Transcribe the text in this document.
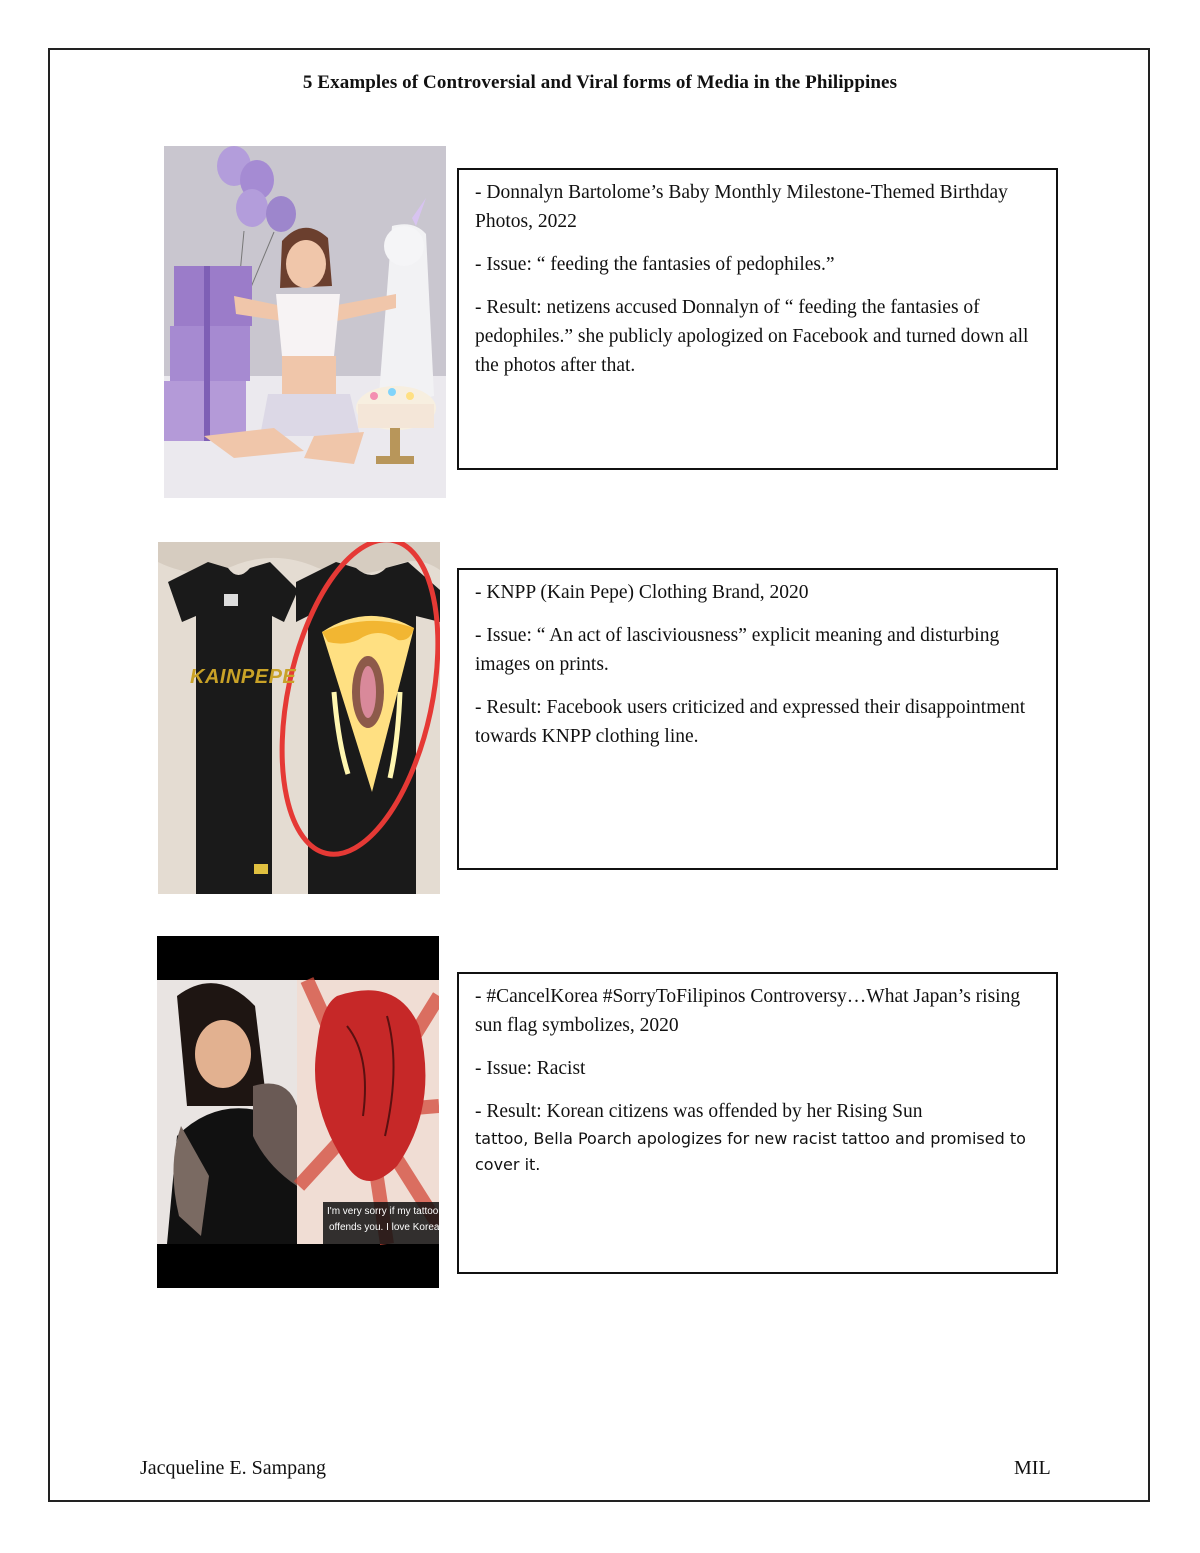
5 Examples of Controversial and Viral forms of Media in the Philippines

- Donnalyn Bartolome’s Baby Monthly Milestone-Themed Birthday Photos, 2022

- Issue: “ feeding the fantasies of pedophiles.”

- Result: netizens accused Donnalyn of “ feeding the fantasies of pedophiles.” she publicly apologized on Facebook and turned down all the photos after that.

KAINPEPE

- KNPP (Kain Pepe) Clothing Brand, 2020

- Issue: “ An act of lasciviousness” explicit meaning and disturbing images on prints.

- Result: Facebook users criticized and expressed their disappointment towards KNPP clothing line.

I'm very sorry if my tattoo
offends you. I love Korea

- #CancelKorea #SorryToFilipinos Controversy…What Japan’s rising sun flag symbolizes, 2020

- Issue: Racist

- Result: Korean citizens was offended by her Rising Sun

tattoo, Bella Poarch apologizes for new racist tattoo and promised to cover it.

Jacqueline E. Sampang	MIL
